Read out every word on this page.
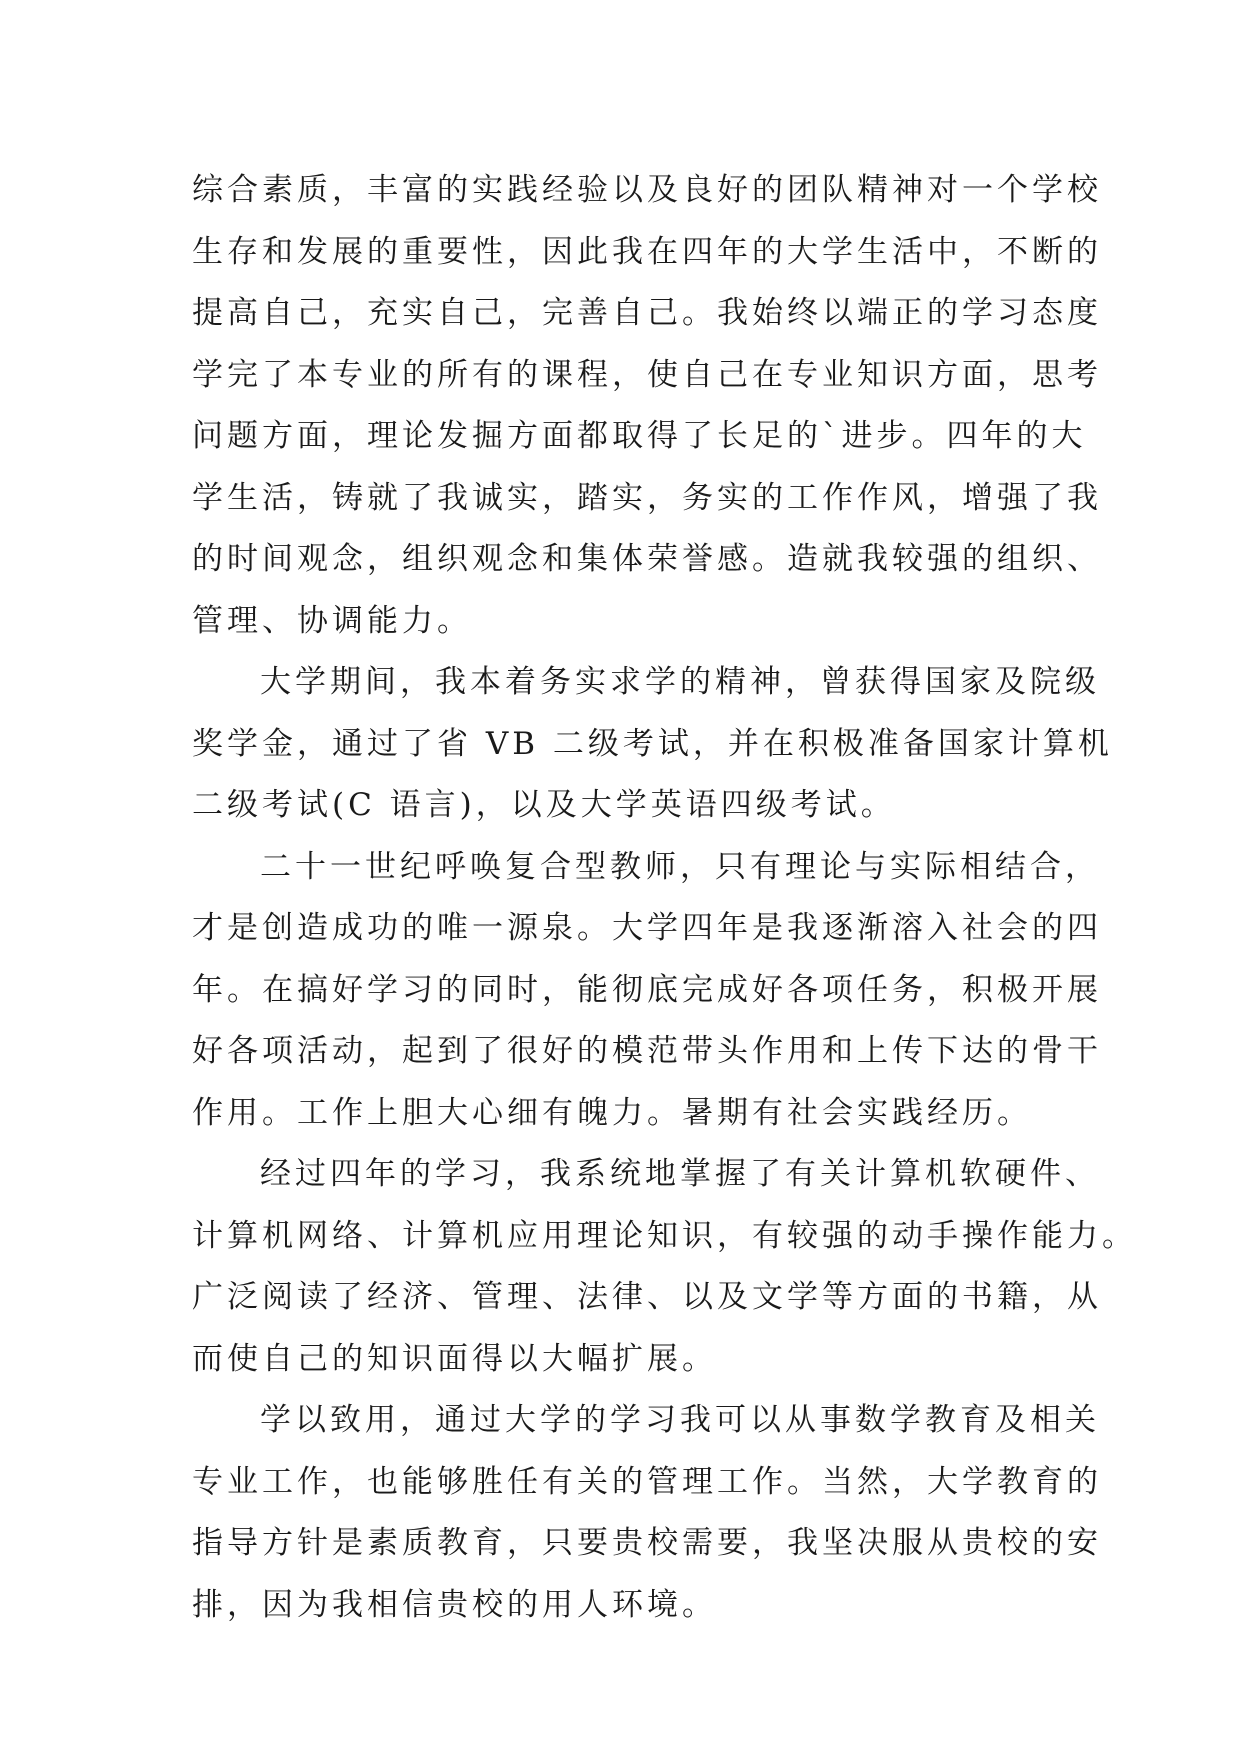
综合素质，丰富的实践经验以及良好的团队精神对一个学校
生存和发展的重要性，因此我在四年的大学生活中，不断的
提高自己，充实自己，完善自己。我始终以端正的学习态度
学完了本专业的所有的课程，使自己在专业知识方面，思考
问题方面，理论发掘方面都取得了长足的`进步。四年的大
学生活，铸就了我诚实，踏实，务实的工作作风，增强了我
的时间观念，组织观念和集体荣誉感。造就我较强的组织、
管理、协调能力。
大学期间，我本着务实求学的精神，曾获得国家及院级
奖学金，通过了省 VB 二级考试，并在积极准备国家计算机
二级考试(C 语言)，以及大学英语四级考试。
二十一世纪呼唤复合型教师，只有理论与实际相结合，
才是创造成功的唯一源泉。大学四年是我逐渐溶入社会的四
年。在搞好学习的同时，能彻底完成好各项任务，积极开展
好各项活动，起到了很好的模范带头作用和上传下达的骨干
作用。工作上胆大心细有魄力。暑期有社会实践经历。
经过四年的学习，我系统地掌握了有关计算机软硬件、
计算机网络、计算机应用理论知识，有较强的动手操作能力。
广泛阅读了经济、管理、法律、以及文学等方面的书籍，从
而使自己的知识面得以大幅扩展。
学以致用，通过大学的学习我可以从事数学教育及相关
专业工作，也能够胜任有关的管理工作。当然，大学教育的
指导方针是素质教育，只要贵校需要，我坚决服从贵校的安
排，因为我相信贵校的用人环境。
